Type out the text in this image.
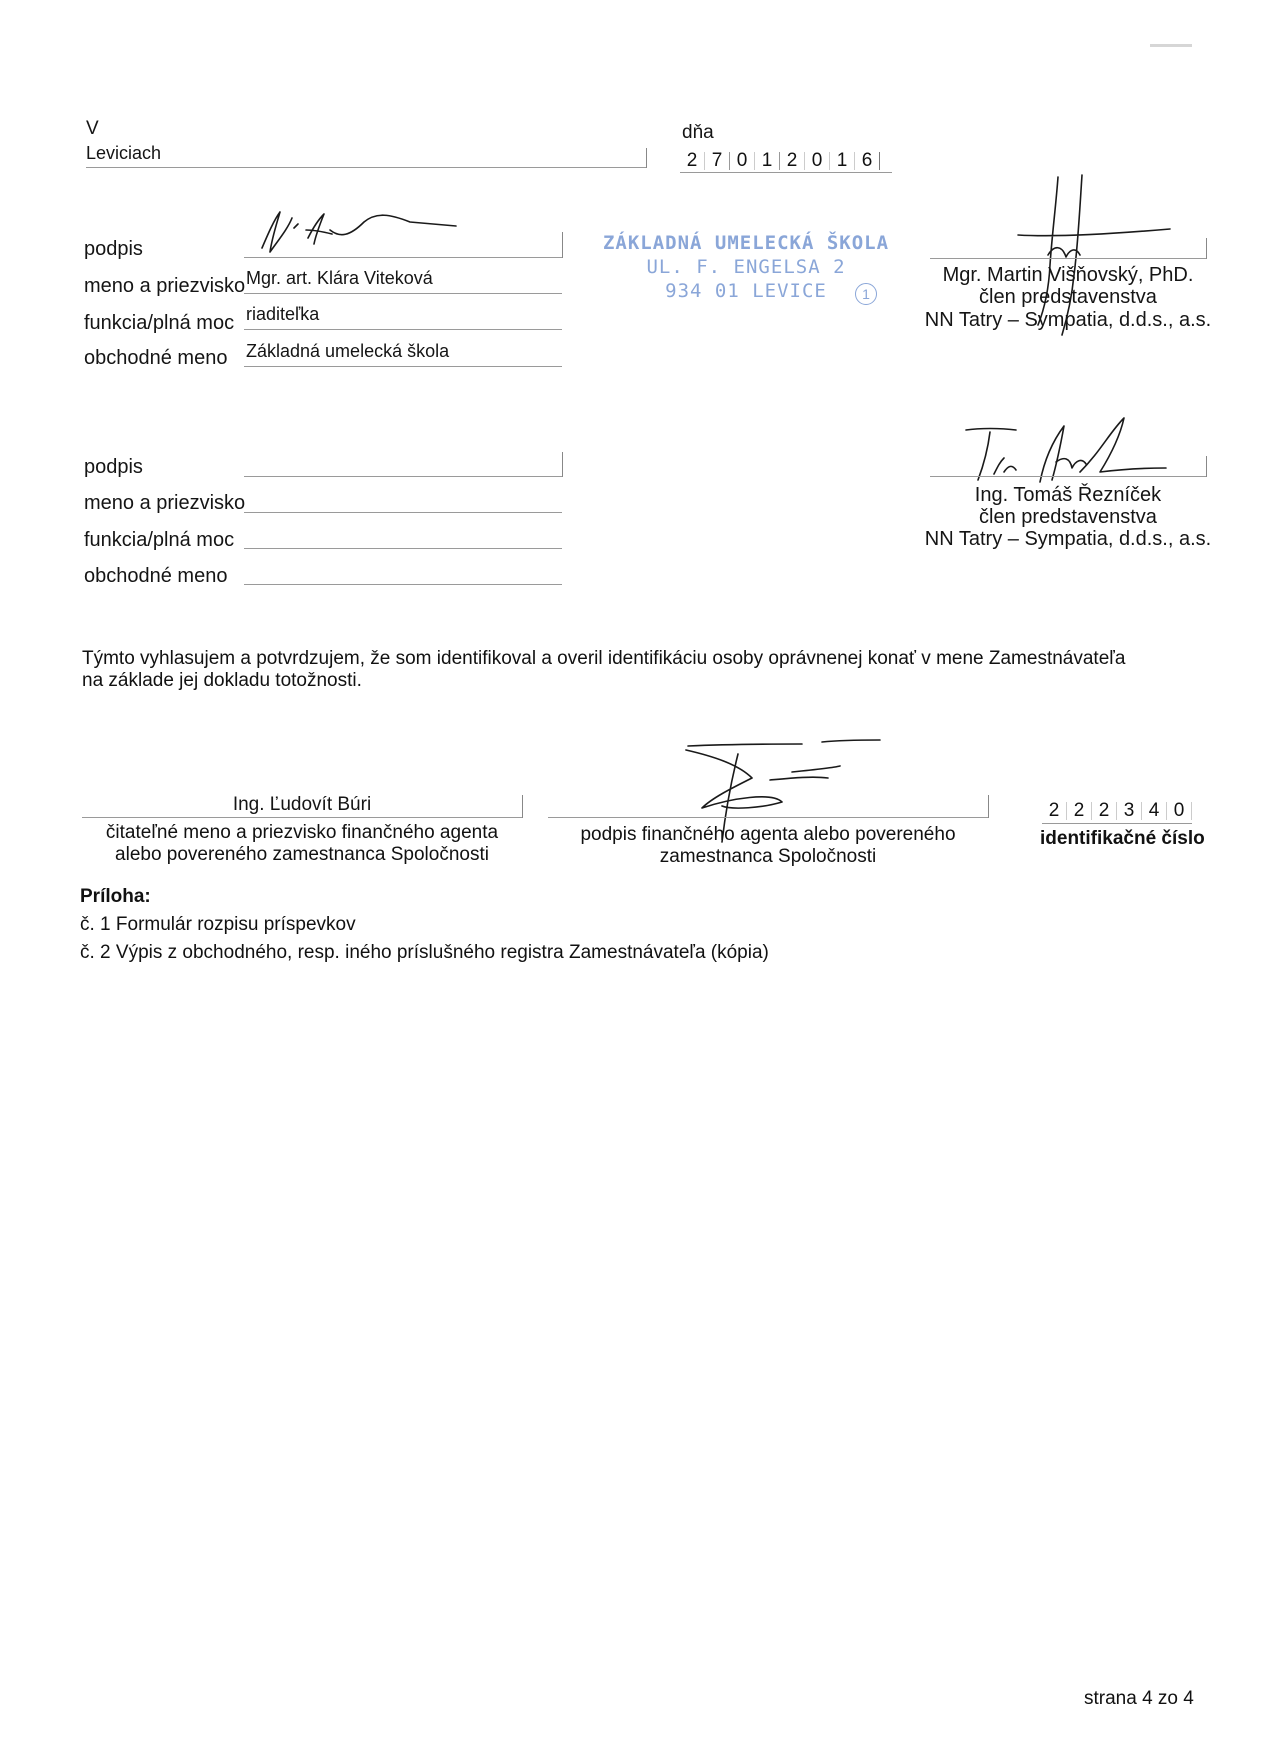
V
Leviciach
dňa
2 7 0 1 2 0 1 6
podpis
meno a priezvisko Mgr. art. Klára Viteková
funkcia/plná moc riaditeľka
obchodné meno Základná umelecká škola
ZÁKLADNÁ UMELECKÁ ŠKOLA
UL. F. ENGELSA 2
934 01 LEVICE	1
Mgr. Martin Višňovský, PhD.
člen predstavenstva
NN Tatry – Sympatia, d.d.s., a.s.
podpis
meno a priezvisko
funkcia/plná moc
obchodné meno
Ing. Tomáš Řezníček
člen predstavenstva
NN Tatry – Sympatia, d.d.s., a.s.
Týmto vyhlasujem a potvrdzujem, že som identifikoval a overil identifikáciu osoby oprávnenej konať v mene Zamestnávateľa
na základe jej dokladu totožnosti.
Ing. Ľudovít Búri
čitateľné meno a priezvisko finančného agenta
alebo povereného zamestnanca Spoločnosti
podpis finančného agenta alebo povereného
zamestnanca Spoločnosti
2 2 2 3 4 0
identifikačné číslo
Príloha:
č. 1 Formulár rozpisu príspevkov
č. 2 Výpis z obchodného, resp. iného príslušného registra Zamestnávateľa (kópia)
strana 4 zo 4
